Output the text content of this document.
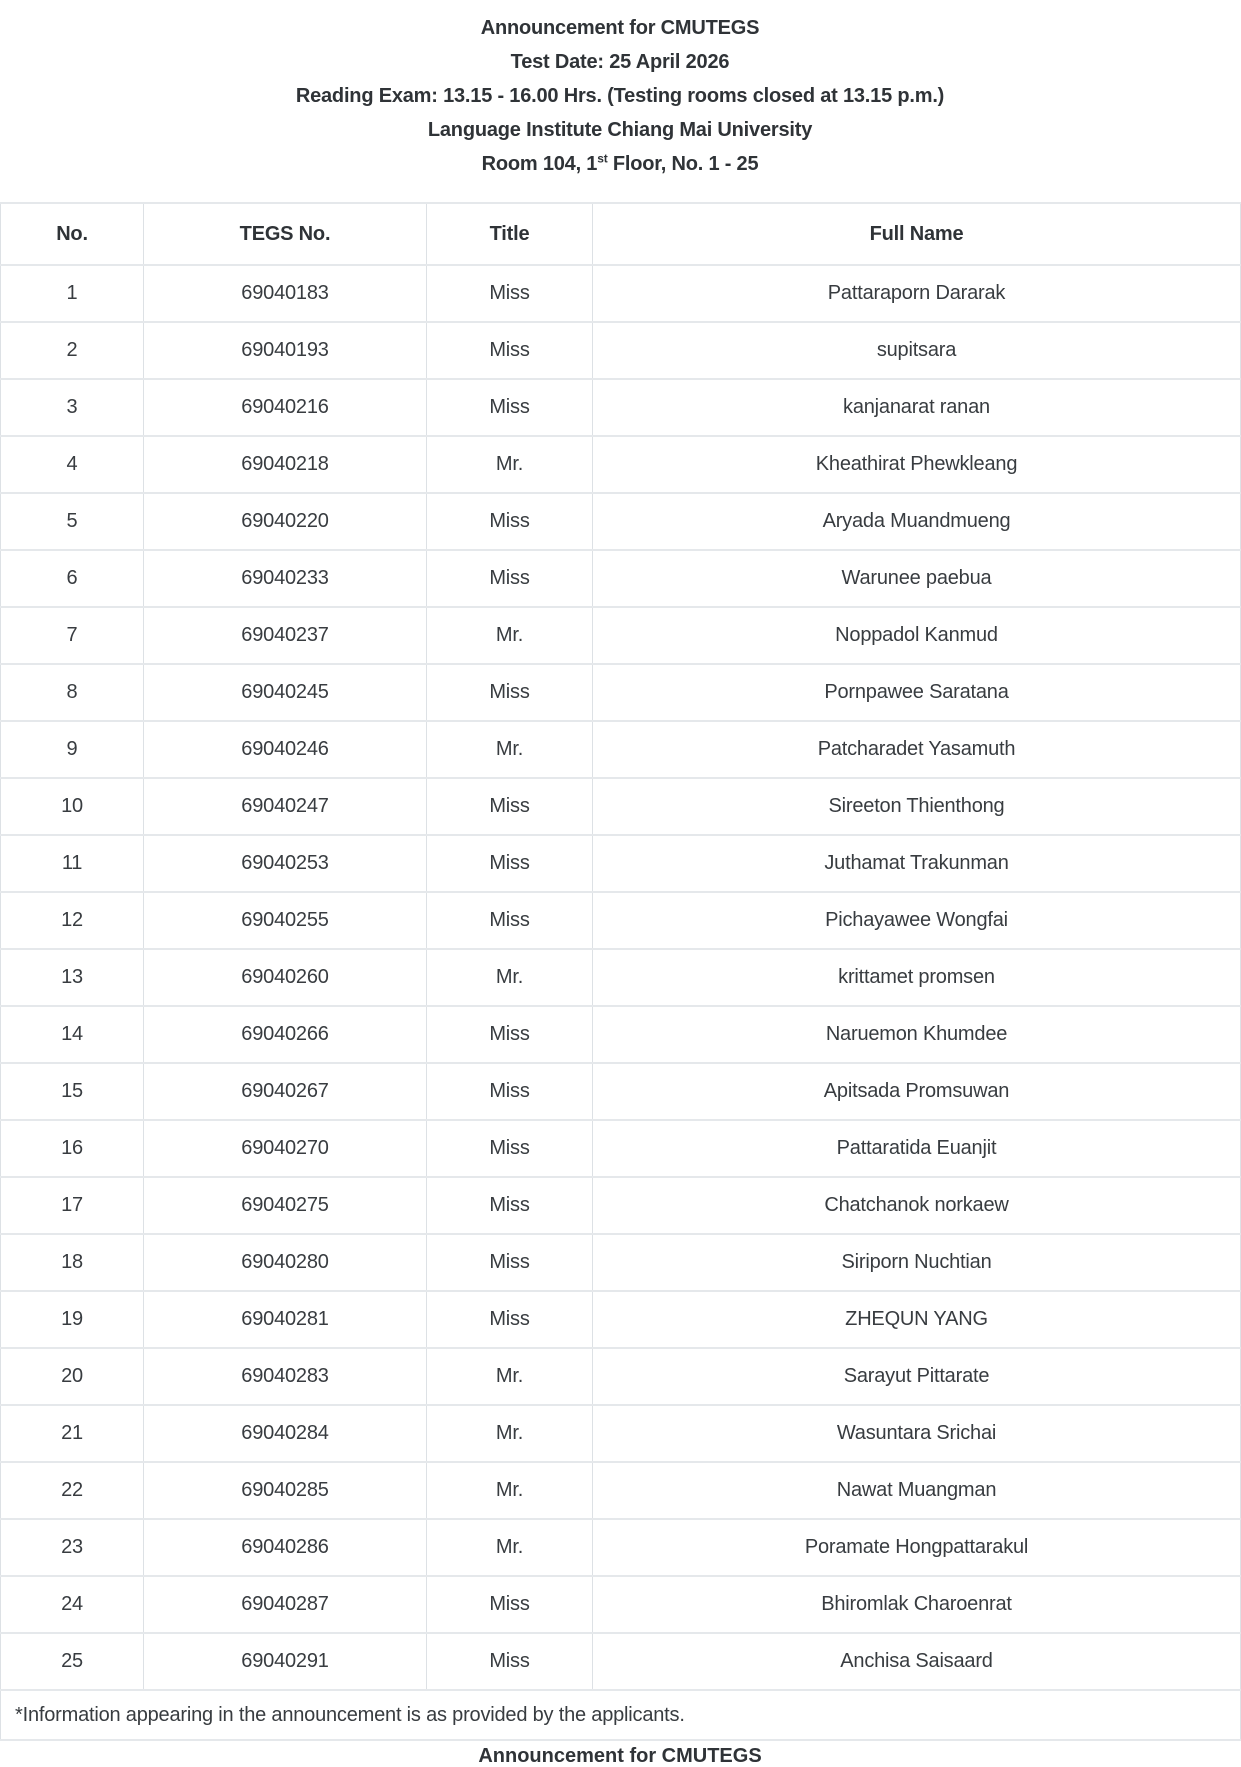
Announcement for CMUTEGS
Test Date: 25 April 2026
Reading Exam: 13.15 - 16.00 Hrs. (Testing rooms closed at 13.15 p.m.)
Language Institute Chiang Mai University
Room 104, 1st Floor, No. 1 - 25
No.	TEGS No.	Title	Full Name
1	69040183	Miss	Pattaraporn Dararak
2	69040193	Miss	supitsara
3	69040216	Miss	kanjanarat ranan
4	69040218	Mr.	Kheathirat Phewkleang
5	69040220	Miss	Aryada Muandmueng
6	69040233	Miss	Warunee paebua
7	69040237	Mr.	Noppadol Kanmud
8	69040245	Miss	Pornpawee Saratana
9	69040246	Mr.	Patcharadet Yasamuth
10	69040247	Miss	Sireeton Thienthong
11	69040253	Miss	Juthamat Trakunman
12	69040255	Miss	Pichayawee Wongfai
13	69040260	Mr.	krittamet promsen
14	69040266	Miss	Naruemon Khumdee
15	69040267	Miss	Apitsada Promsuwan
16	69040270	Miss	Pattaratida Euanjit
17	69040275	Miss	Chatchanok norkaew
18	69040280	Miss	Siriporn Nuchtian
19	69040281	Miss	ZHEQUN YANG
20	69040283	Mr.	Sarayut Pittarate
21	69040284	Mr.	Wasuntara Srichai
22	69040285	Mr.	Nawat Muangman
23	69040286	Mr.	Poramate Hongpattarakul
24	69040287	Miss	Bhiromlak Charoenrat
25	69040291	Miss	Anchisa Saisaard
*Information appearing in the announcement is as provided by the applicants.			
Announcement for CMUTEGS
